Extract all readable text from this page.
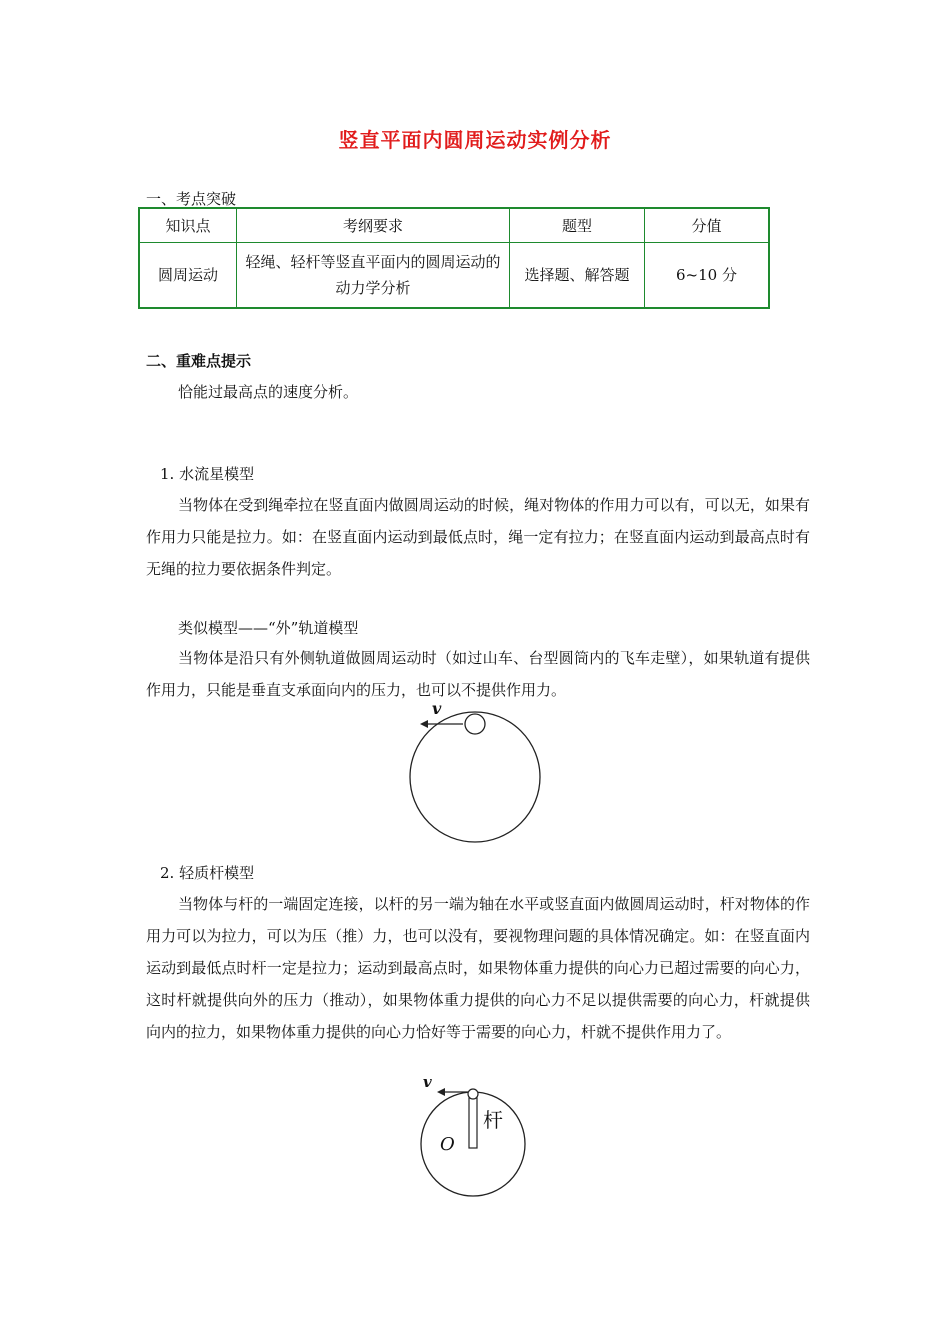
竖直平面内圆周运动实例分析
一、考点突破
知识点	考纲要求	题型	分值
圆周运动	轻绳、轻杆等竖直平面内的圆周运动的动力学分析	选择题、解答题	6~10 分
二、重难点提示
恰能过最高点的速度分析。
1. 水流星模型
当物体在受到绳牵拉在竖直面内做圆周运动的时候，绳对物体的作用力可以有，可以无，如果有作用力只能是拉力。如：在竖直面内运动到最低点时，绳一定有拉力；在竖直面内运动到最高点时有无绳的拉力要依据条件判定。
类似模型——“外”轨道模型
当物体是沿只有外侧轨道做圆周运动时（如过山车、台型圆筒内的飞车走壁），如果轨道有提供作用力，只能是垂直支承面向内的压力，也可以不提供作用力。
v
2. 轻质杆模型
当物体与杆的一端固定连接，以杆的另一端为轴在水平或竖直面内做圆周运动时，杆对物体的作用力可以为拉力，可以为压（推）力，也可以没有，要视物理问题的具体情况确定。如：在竖直面内运动到最低点时杆一定是拉力；运动到最高点时，如果物体重力提供的向心力已超过需要的向心力，这时杆就提供向外的压力（推动），如果物体重力提供的向心力不足以提供需要的向心力，杆就提供向内的拉力，如果物体重力提供的向心力恰好等于需要的向心力，杆就不提供作用力了。
v
杆
O
